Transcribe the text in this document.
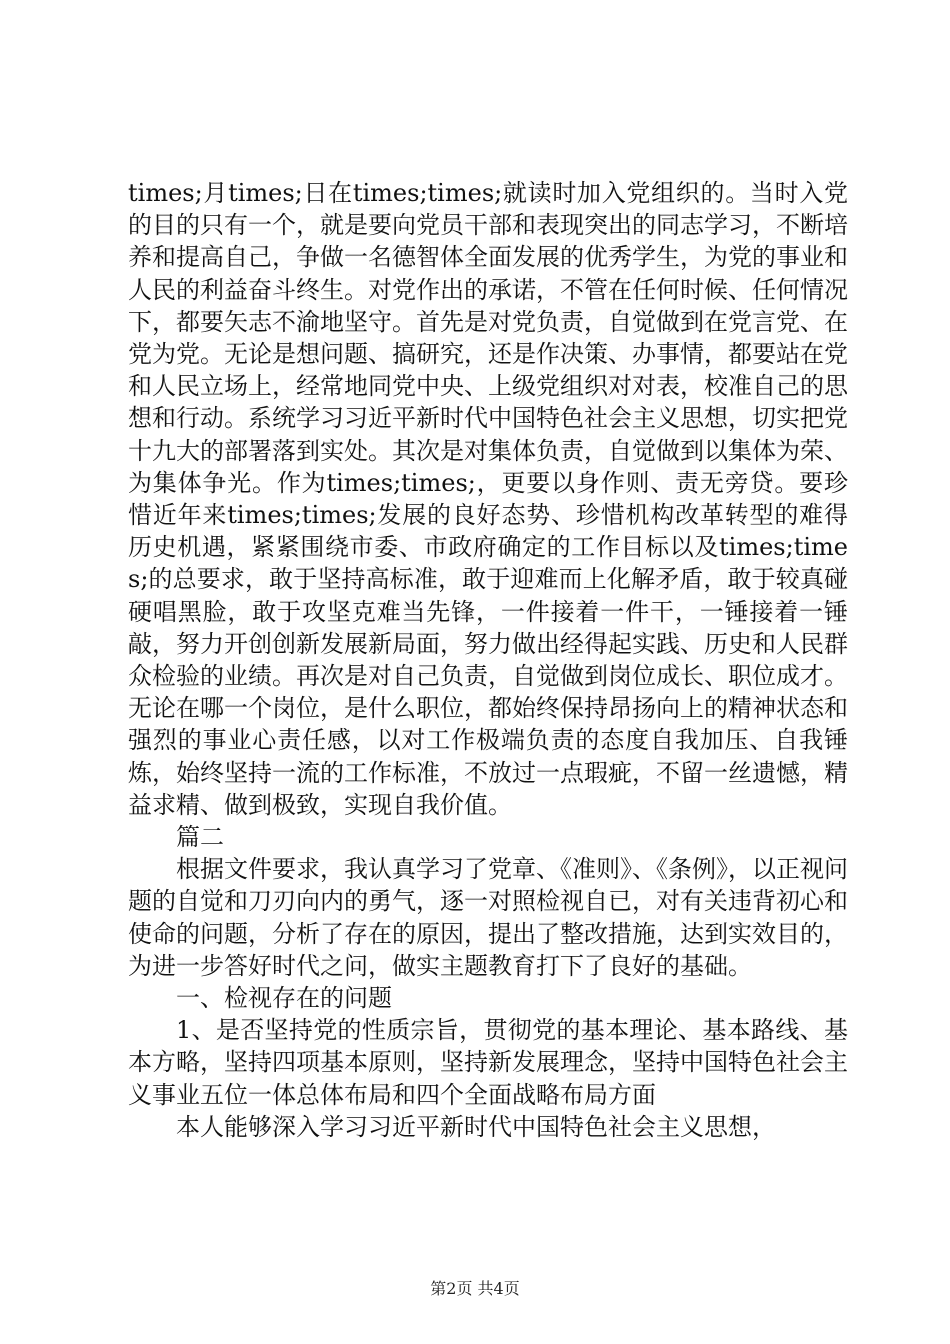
times;月times;日在times;times;就读时加入党组织的。当时入党的目的只有一个，就是要向党员干部和表现突出的同志学习，不断培养和提高自己，争做一名德智体全面发展的优秀学生，为党的事业和人民的利益奋斗终生。对党作出的承诺，不管在任何时候、任何情况下，都要矢志不渝地坚守。首先是对党负责，自觉做到在党言党、在党为党。无论是想问题、搞研究，还是作决策、办事情，都要站在党和人民立场上，经常地同党中央、上级党组织对对表，校准自己的思想和行动。系统学习习近平新时代中国特色社会主义思想，切实把党十九大的部署落到实处。其次是对集体负责，自觉做到以集体为荣、为集体争光。作为times;times;，更要以身作则、责无旁贷。要珍惜近年来times;times;发展的良好态势、珍惜机构改革转型的难得历史机遇，紧紧围绕市委、市政府确定的工作目标以及times;times;的总要求，敢于坚持高标准，敢于迎难而上化解矛盾，敢于较真碰硬唱黑脸，敢于攻坚克难当先锋，一件接着一件干，一锤接着一锤敲，努力开创创新发展新局面，努力做出经得起实践、历史和人民群众检验的业绩。再次是对自己负责，自觉做到岗位成长、职位成才。无论在哪一个岗位，是什么职位，都始终保持昂扬向上的精神状态和强烈的事业心责任感，以对工作极端负责的态度自我加压、自我锤炼，始终坚持一流的工作标准，不放过一点瑕疵，不留一丝遗憾，精益求精、做到极致，实现自我价值。

篇二

根据文件要求，我认真学习了党章、《准则》、《条例》，以正视问题的自觉和刀刃向内的勇气，逐一对照检视自已，对有关违背初心和使命的问题，分析了存在的原因，提出了整改措施，达到实效目的，为进一步答好时代之问，做实主题教育打下了良好的基础。

一、检视存在的问题

1、是否坚持党的性质宗旨，贯彻党的基本理论、基本路线、基本方略，坚持四项基本原则，坚持新发展理念，坚持中国特色社会主义事业五位一体总体布局和四个全面战略布局方面

本人能够深入学习习近平新时代中国特色社会主义思想，

第2页 共4页
